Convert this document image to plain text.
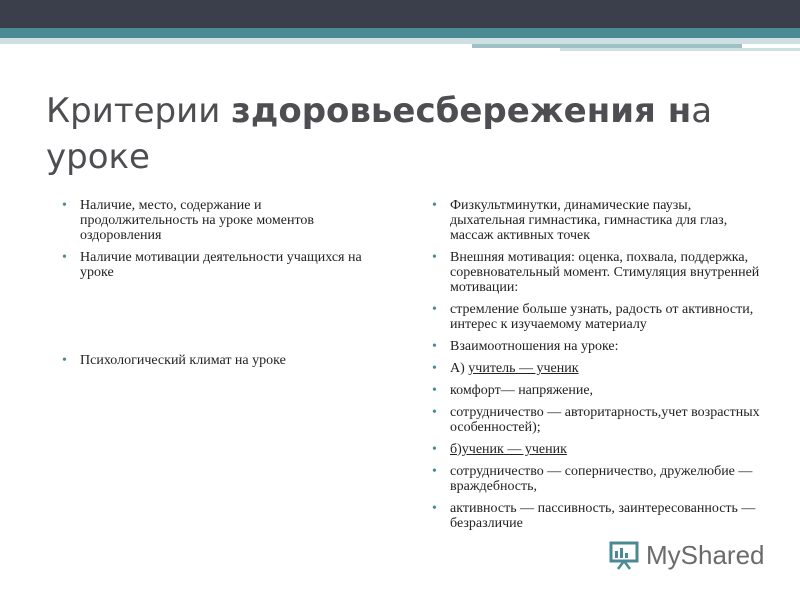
Критерии здоровьесбережения на уроке
• Наличие, место, содержание и продолжительность на уроке моментов оздоровления
• Наличие мотивации деятельности учащихся на уроке
• Психологический климат на уроке
• Физкультминутки, динамические паузы, дыхательная гимнастика, гимнастика для глаз, массаж активных точек
• Внешняя мотивация: оценка, похвала, поддержка, соревновательный момент. Стимуляция внутренней мотивации:
• стремление больше узнать, радость от активности, интерес к изучаемому материалу
• Взаимоотношения на уроке:
• А) учитель — ученик
• комфорт— напряжение,
• сотрудничество — авторитарность,учет возрастных особенностей);
• б)ученик — ученик
• сотрудничество — соперничество, дружелюбие — враждебность,
• активность — пассивность, заинтересованность — безразличие
MyShared
